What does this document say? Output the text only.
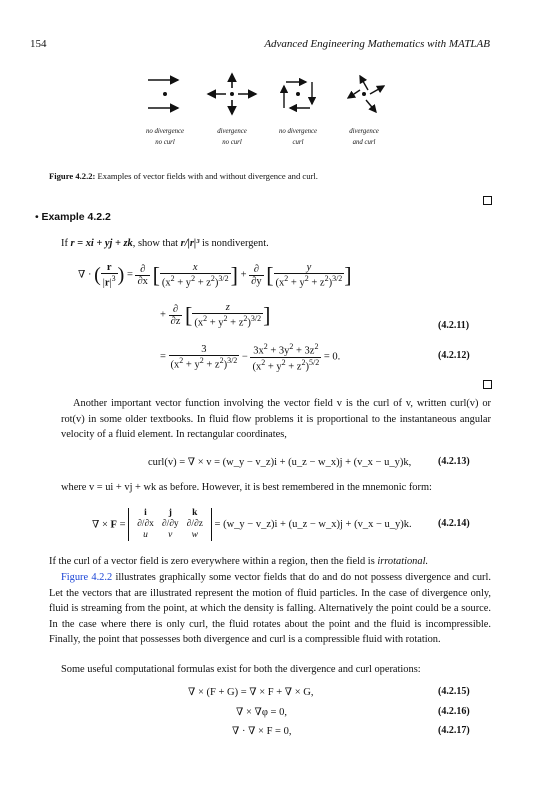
154	Advanced Engineering Mathematics with MATLAB
no divergence
no curl
divergence
no curl
no divergence
curl
divergence
and curl
Figure 4.2.2: Examples of vector fields with and without divergence and curl.
• Example 4.2.2
If r = xi + yj + zk, show that r/|r|³ is nondivergent.
∇ · ( $\frac{r}{|r|^3}$ ) = $\frac{\partial}{\partial x}$ [ $\frac{x}{(x^2 + y^2 + z^2)^{3/2}}$ ] + $\frac{\partial}{\partial y}$ [ $\frac{y}{(x^2 + y^2 + z^2)^{3/2}}$ ]
+ $\frac{\partial}{\partial z}$ [ $\frac{z}{(x^2 + y^2 + z^2)^{3/2}}$ ]	(4.2.11)
= $\frac{3}{(x^2 + y^2 + z^2)^{3/2}} - \frac{3x^2 + 3y^2 + 3z^2}{(x^2 + y^2 + z^2)^{5/2}} = 0$.	(4.2.12)
Another important vector function involving the vector field v is the curl of v, written curl(v) or rot(v) in some older textbooks. In fluid flow problems it is proportional to the instantaneous angular velocity of a fluid element. In rectangular coordinates,
curl(v) = ∇ × v = (w_y − v_z)i + (u_z − w_x)j + (v_x − u_y)k,	(4.2.13)
where v = ui + vj + wk as before. However, it is best remembered in the mnemonic form:
∇ × F = i	j	k
∂/∂x	∂/∂y	∂/∂z
u	v	w = (w_y − v_z)i + (u_z − w_x)j + (v_x − u_y)k.	(4.2.14)
If the curl of a vector field is zero everywhere within a region, then the field is irrotational.
Figure 4.2.2 illustrates graphically some vector fields that do and do not possess divergence and curl. Let the vectors that are illustrated represent the motion of fluid particles. In the case of divergence only, fluid is streaming from the point, at which the density is falling. Alternatively the point could be a source. In the case where there is only curl, the fluid rotates about the point and the fluid is incompressible. Finally, the point that possesses both divergence and curl is a compressible fluid with rotation.
Some useful computational formulas exist for both the divergence and curl operations:
∇ × (F + G) = ∇ × F + ∇ × G,	(4.2.15)
∇ × ∇φ = 0,	(4.2.16)
∇ · ∇ × F = 0,	(4.2.17)
